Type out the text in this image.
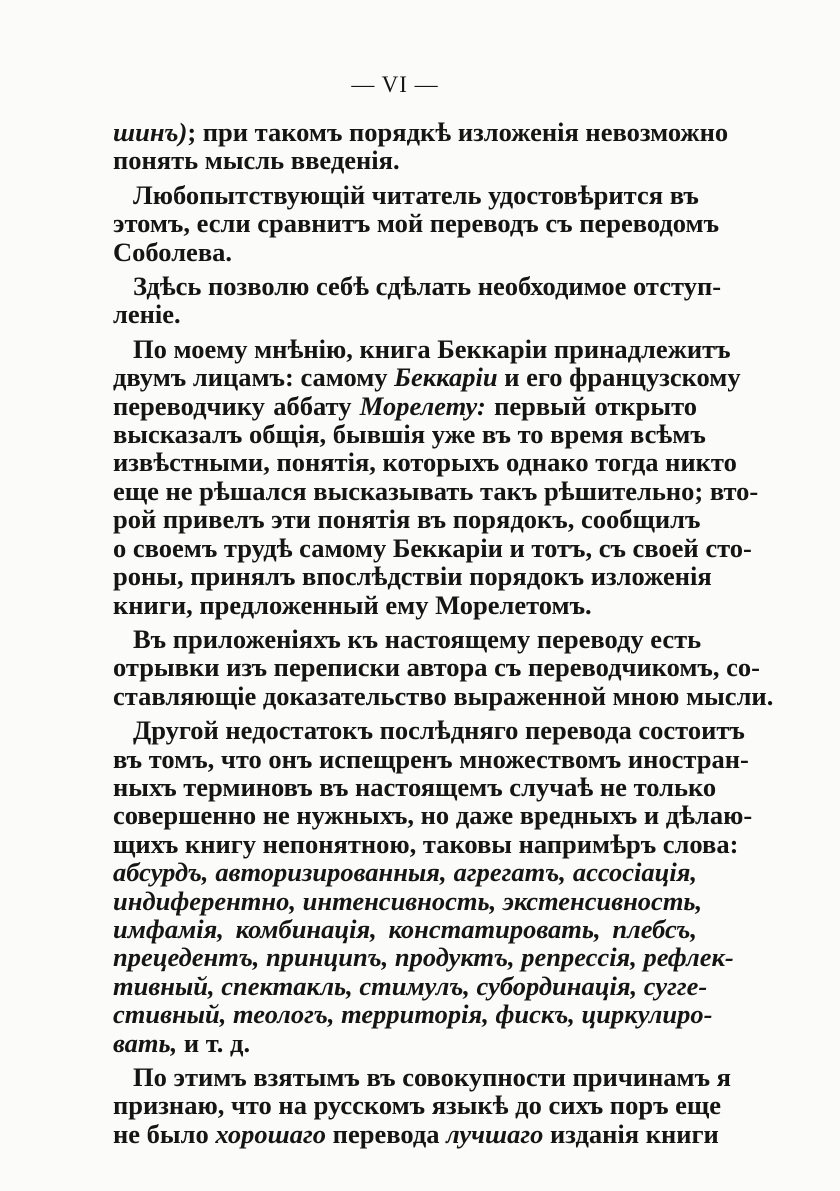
— VI —
шинъ); при такомъ порядкѣ изложенія невозможно
понять мысль введенія.
Любопытствующій читатель удостовѣрится въ
этомъ, если сравнитъ мой переводъ съ переводомъ
Соболева.
Здѣсь позволю себѣ сдѣлать необходимое отступ-
леніе.
По моему мнѣнію, книга Беккаріи принадлежитъ
двумъ лицамъ: самому Беккаріи и его французскому
переводчику аббату Морелету: первый открыто
высказалъ общія, бывшія уже въ то время всѣмъ
извѣстными, понятія, которыхъ однако тогда никто
еще не рѣшался высказывать такъ рѣшительно; вто-
рой привелъ эти понятія въ порядокъ, сообщилъ
о своемъ трудѣ самому Беккаріи и тотъ, съ своей сто-
роны, принялъ впослѣдствіи порядокъ изложенія
книги, предложенный ему Морелетомъ.
Въ приложеніяхъ къ настоящему переводу есть
отрывки изъ переписки автора съ переводчикомъ, со-
ставляющіе доказательство выраженной мною мысли.
Другой недостатокъ послѣдняго перевода состоитъ
въ томъ, что онъ испещренъ множествомъ иностран-
ныхъ терминовъ въ настоящемъ случаѣ не только
совершенно не нужныхъ, но даже вредныхъ и дѣлаю-
щихъ книгу непонятною, таковы напримѣръ слова:
абсурдъ, авторизированныя, агрегатъ, ассосіація,
индиферентно, интенсивность, экстенсивность,
имфамія, комбинація, констатировать, плебсъ,
прецедентъ, принципъ, продуктъ, репрессія, рефлек-
тивный, спектакль, стимулъ, субординація, сугге-
стивный, теологъ, территорія, фискъ, циркулиро-
вать, и т. д.
По этимъ взятымъ въ совокупности причинамъ я
признаю, что на русскомъ языкѣ до сихъ поръ еще
не было хорошаго перевода лучшаго изданія книги
